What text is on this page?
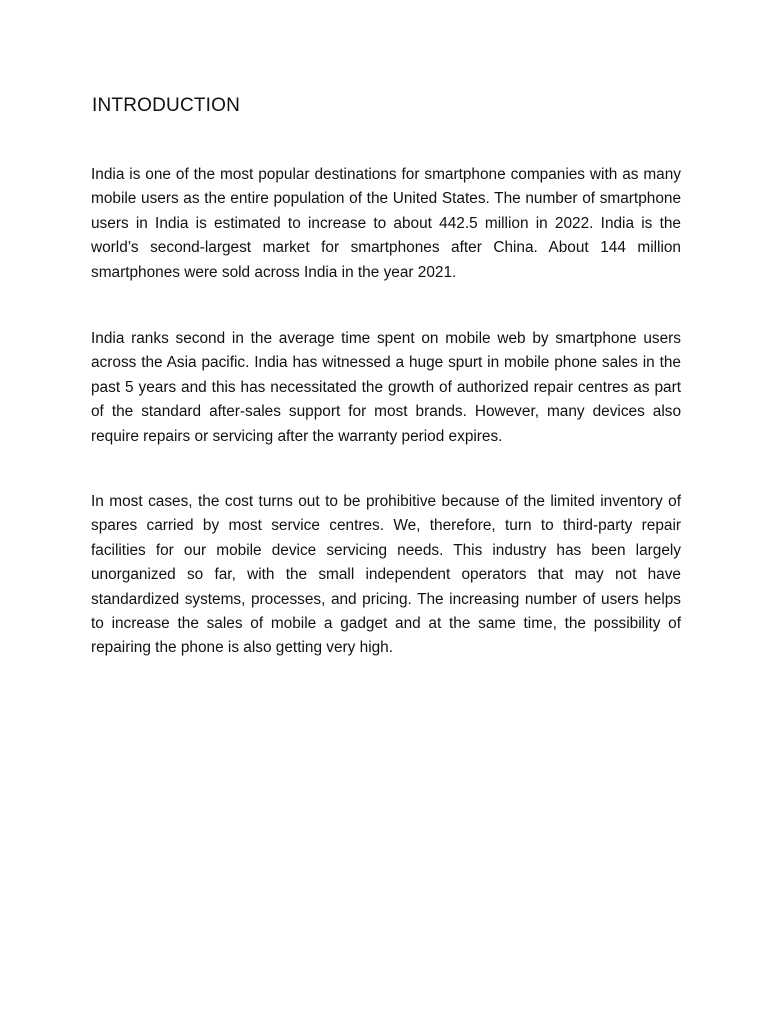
INTRODUCTION

India is one of the most popular destinations for smartphone companies with as many mobile users as the entire population of the United States. The number of smartphone users in India is estimated to increase to about 442.5 million in 2022. India is the world’s second-largest market for smartphones after China. About 144 million smartphones were sold across India in the year 2021.

India ranks second in the average time spent on mobile web by smartphone users across the Asia pacific. India has witnessed a huge spurt in mobile phone sales in the past 5 years and this has necessitated the growth of authorized repair centres as part of the standard after-sales support for most brands. However, many devices also require repairs or servicing after the warranty period expires.

In most cases, the cost turns out to be prohibitive because of the limited inventory of spares carried by most service centres. We, therefore, turn to third-party repair facilities for our mobile device servicing needs. This industry has been largely unorganized so far, with the small independent operators that may not have standardized systems, processes, and pricing. The increasing number of users helps to increase the sales of mobile a gadget and at the same time, the possibility of repairing the phone is also getting very high.
